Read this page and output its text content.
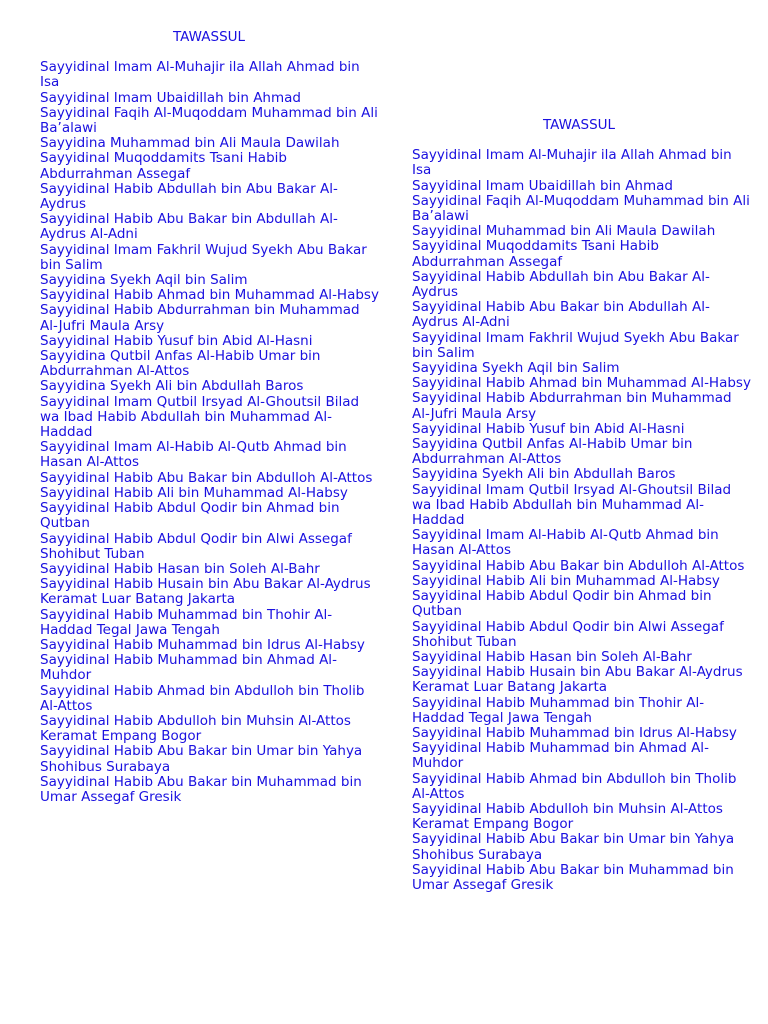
TAWASSUL
Sayyidinal Imam Al-Muhajir ila Allah Ahmad bin Isa
Sayyidinal Imam Ubaidillah bin Ahmad
Sayyidinal Faqih Al-Muqoddam Muhammad bin Ali Ba’alawi
Sayyidina Muhammad bin Ali Maula Dawilah
Sayyidinal Muqoddamits Tsani Habib Abdurrahman Assegaf
Sayyidinal Habib Abdullah bin Abu Bakar Al-Aydrus
Sayyidinal Habib Abu Bakar bin Abdullah Al-Aydrus Al-Adni
Sayyidinal Imam Fakhril Wujud Syekh Abu Bakar bin Salim
Sayyidina Syekh Aqil bin Salim
Sayyidinal Habib Ahmad bin Muhammad Al-Habsy
Sayyidinal Habib Abdurrahman bin Muhammad Al-Jufri Maula Arsy
Sayyidinal Habib Yusuf bin Abid Al-Hasni
Sayyidina Qutbil Anfas Al-Habib Umar bin Abdurrahman Al-Attos
Sayyidina Syekh Ali bin Abdullah Baros
Sayyidinal Imam Qutbil Irsyad Al-Ghoutsil Bilad wa Ibad Habib Abdullah bin Muhammad Al-Haddad
Sayyidinal Imam Al-Habib Al-Qutb Ahmad bin Hasan Al-Attos
Sayyidinal Habib Abu Bakar bin Abdulloh Al-Attos
Sayyidinal Habib Ali bin Muhammad Al-Habsy
Sayyidinal Habib Abdul Qodir bin Ahmad bin Qutban
Sayyidinal Habib Abdul Qodir bin Alwi Assegaf Shohibut Tuban
Sayyidinal Habib Hasan bin Soleh Al-Bahr
Sayyidinal Habib Husain bin Abu Bakar Al-Aydrus Keramat Luar Batang Jakarta
Sayyidinal Habib Muhammad bin Thohir Al-Haddad Tegal Jawa Tengah
Sayyidinal Habib Muhammad bin Idrus Al-Habsy
Sayyidinal Habib Muhammad bin Ahmad Al-Muhdor
Sayyidinal Habib Ahmad bin Abdulloh bin Tholib Al-Attos
Sayyidinal Habib Abdulloh bin Muhsin Al-Attos Keramat Empang Bogor
Sayyidinal Habib Abu Bakar bin Umar bin Yahya Shohibus Surabaya
Sayyidinal Habib Abu Bakar bin Muhammad bin Umar Assegaf Gresik
TAWASSUL
Sayyidinal Imam Al-Muhajir ila Allah Ahmad bin Isa
Sayyidinal Imam Ubaidillah bin Ahmad
Sayyidinal Faqih Al-Muqoddam Muhammad bin Ali Ba’alawi
Sayyidinal Muhammad bin Ali Maula Dawilah
Sayyidinal Muqoddamits Tsani Habib Abdurrahman Assegaf
Sayyidinal Habib Abdullah bin Abu Bakar Al-Aydrus
Sayyidinal Habib Abu Bakar bin Abdullah Al-Aydrus Al-Adni
Sayyidinal Imam Fakhril Wujud Syekh Abu Bakar bin Salim
Sayyidina Syekh Aqil bin Salim
Sayyidinal Habib Ahmad bin Muhammad Al-Habsy
Sayyidinal Habib Abdurrahman bin Muhammad Al-Jufri Maula Arsy
Sayyidinal Habib Yusuf bin Abid Al-Hasni
Sayyidina Qutbil Anfas Al-Habib Umar bin Abdurrahman Al-Attos
Sayyidina Syekh Ali bin Abdullah Baros
Sayyidinal Imam Qutbil Irsyad Al-Ghoutsil Bilad wa Ibad Habib Abdullah bin Muhammad Al-Haddad
Sayyidinal Imam Al-Habib Al-Qutb Ahmad bin Hasan Al-Attos
Sayyidinal Habib Abu Bakar bin Abdulloh Al-Attos
Sayyidinal Habib Ali bin Muhammad Al-Habsy
Sayyidinal Habib Abdul Qodir bin Ahmad bin Qutban
Sayyidinal Habib Abdul Qodir bin Alwi Assegaf Shohibut Tuban
Sayyidinal Habib Hasan bin Soleh Al-Bahr
Sayyidinal Habib Husain bin Abu Bakar Al-Aydrus Keramat Luar Batang Jakarta
Sayyidinal Habib Muhammad bin Thohir Al-Haddad Tegal Jawa Tengah
Sayyidinal Habib Muhammad bin Idrus Al-Habsy
Sayyidinal Habib Muhammad bin Ahmad Al-Muhdor
Sayyidinal Habib Ahmad bin Abdulloh bin Tholib Al-Attos
Sayyidinal Habib Abdulloh bin Muhsin Al-Attos Keramat Empang Bogor
Sayyidinal Habib Abu Bakar bin Umar bin Yahya Shohibus Surabaya
Sayyidinal Habib Abu Bakar bin Muhammad bin Umar Assegaf Gresik
